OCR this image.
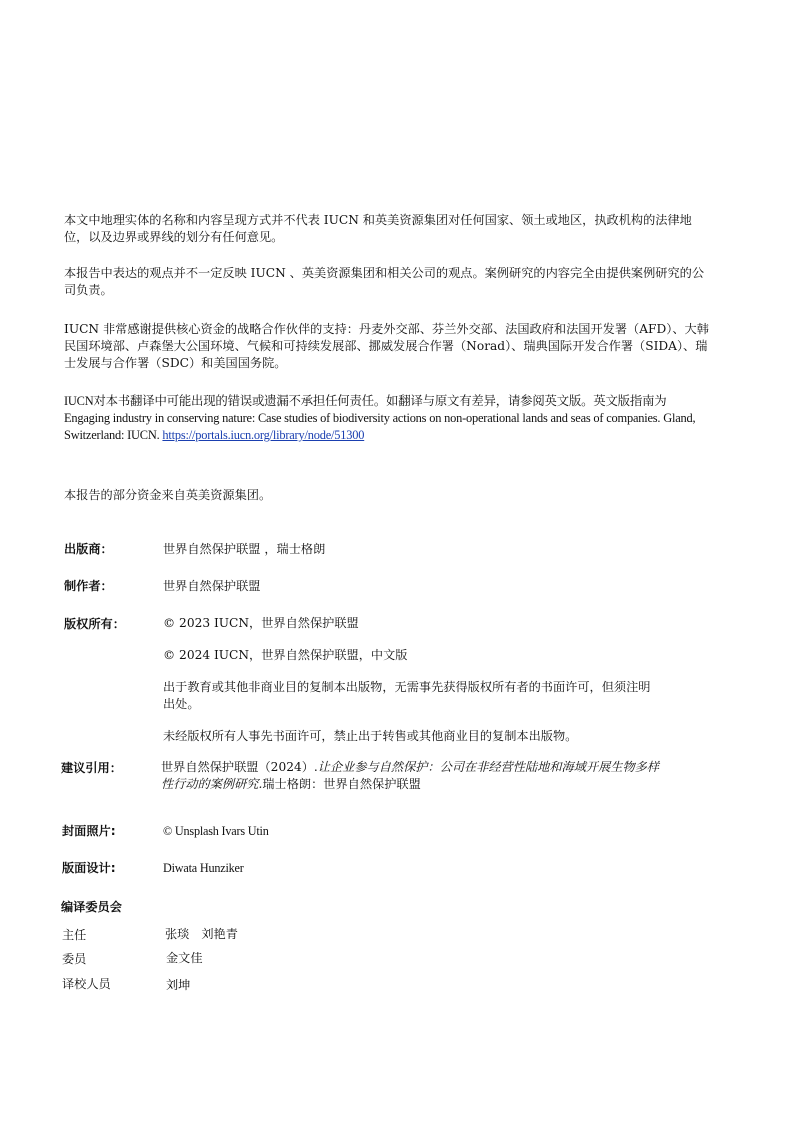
本文中地理实体的名称和内容呈现方式并不代表 IUCN 和英美资源集团对任何国家、领土或地区，执政机构的法律地位，以及边界或界线的划分有任何意见。

本报告中表达的观点并不一定反映 IUCN 、英美资源集团和相关公司的观点。案例研究的内容完全由提供案例研究的公司负责。

IUCN 非常感谢提供核心资金的战略合作伙伴的支持：丹麦外交部、芬兰外交部、法国政府和法国开发署（AFD）、大韩民国环境部、卢森堡大公国环境、气候和可持续发展部、挪威发展合作署（Norad）、瑞典国际开发合作署（SIDA）、瑞士发展与合作署（SDC）和美国国务院。

IUCN对本书翻译中可能出现的错误或遗漏不承担任何责任。如翻译与原文有差异，请参阅英文版。英文版指南为 Engaging industry in conserving nature: Case studies of biodiversity actions on non-operational lands and seas of companies. Gland, Switzerland: IUCN. https://portals.iucn.org/library/node/51300

本报告的部分资金来自英美资源集团。

出版商：	世界自然保护联盟 ，瑞士格朗

制作者：	世界自然保护联盟

版权所有：	© 2023 IUCN，世界自然保护联盟

© 2024 IUCN，世界自然保护联盟，中文版

出于教育或其他非商业目的复制本出版物，无需事先获得版权所有者的书面许可，但须注明出处。

未经版权所有人事先书面许可，禁止出于转售或其他商业目的复制本出版物。

建议引用：	世界自然保护联盟（2024）.让企业参与自然保护：公司在非经营性陆地和海域开展生物多样性行动的案例研究.瑞士格朗：世界自然保护联盟

封面照片:	© Unsplash Ivars Utin

版面设计:	Diwata Hunziker

编译委员会
主任	张琰 刘艳青
委员	金文佳
译校人员	刘坤
